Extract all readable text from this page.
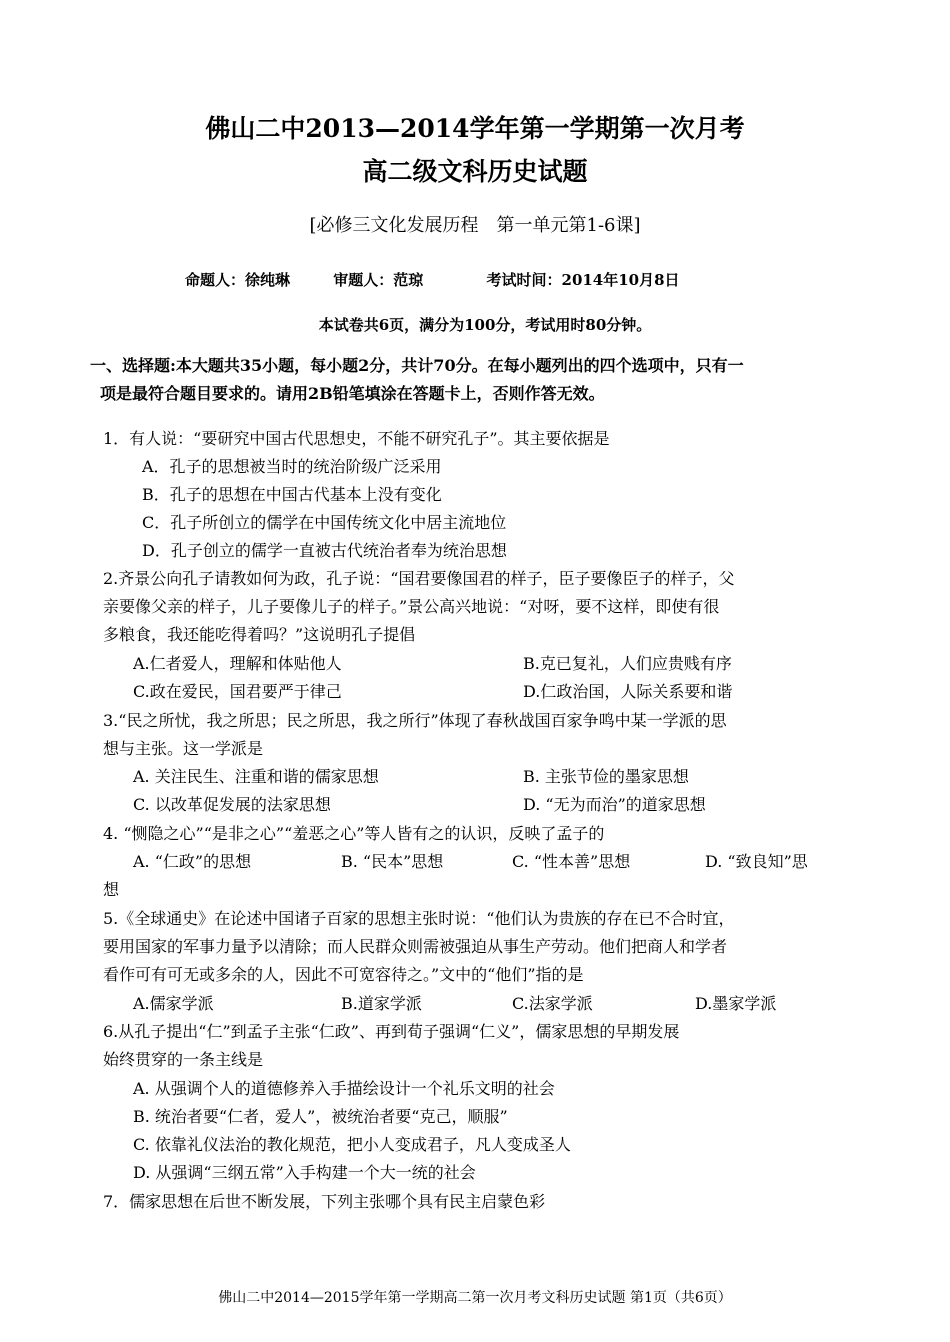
佛山二中2013—2014学年第一学期第一次月考
高二级文科历史试题
[必修三文化发展历程　第一单元第1-6课]
命题人：徐纯琳	审题人：范琼	考试时间：2014年10月8日
本试卷共6页，满分为100分，考试用时80分钟。
一、选择题:本大题共35小题，每小题2分，共计70分。在每小题列出的四个选项中，只有一
项是最符合题目要求的。请用2B铅笔填涂在答题卡上，否则作答无效。
1．有人说：“要研究中国古代思想史，不能不研究孔子”。其主要依据是
A．孔子的思想被当时的统治阶级广泛采用
B．孔子的思想在中国古代基本上没有变化
C．孔子所创立的儒学在中国传统文化中居主流地位
D．孔子创立的儒学一直被古代统治者奉为统治思想
2.齐景公向孔子请教如何为政，孔子说：“国君要像国君的样子，臣子要像臣子的样子，父
亲要像父亲的样子，儿子要像儿子的样子。”景公高兴地说：“对呀，要不这样，即使有很
多粮食，我还能吃得着吗？”这说明孔子提倡
A.仁者爱人，理解和体贴他人	B.克已复礼，人们应贵贱有序
C.政在爱民，国君要严于律己	D.仁政治国，人际关系要和谐
3.“民之所忧，我之所思；民之所思，我之所行”体现了春秋战国百家争鸣中某一学派的思
想与主张。这一学派是
A. 关注民生、注重和谐的儒家思想	B. 主张节俭的墨家思想
C. 以改革促发展的法家思想	D. “无为而治”的道家思想
4. “恻隐之心”“是非之心”“羞恶之心”等人皆有之的认识，反映了孟子的
A. “仁政”的思想	B. “民本”思想	C. “性本善”思想	D. “致良知”思
想
5.《全球通史》在论述中国诸子百家的思想主张时说：“他们认为贵族的存在已不合时宜，
要用国家的军事力量予以清除；而人民群众则需被强迫从事生产劳动。他们把商人和学者
看作可有可无或多余的人，因此不可宽容待之。”文中的“他们”指的是
A.儒家学派	B.道家学派	C.法家学派	D.墨家学派
6.从孔子提出“仁”到孟子主张“仁政”、再到荀子强调“仁义”，儒家思想的早期发展
始终贯穿的一条主线是
A. 从强调个人的道德修养入手描绘设计一个礼乐文明的社会
B. 统治者要“仁者，爱人”，被统治者要“克己，顺服”
C. 依靠礼仪法治的教化规范，把小人变成君子，凡人变成圣人
D. 从强调“三纲五常”入手构建一个大一统的社会
7．儒家思想在后世不断发展，下列主张哪个具有民主启蒙色彩
佛山二中2014—2015学年第一学期高二第一次月考文科历史试题 第1页（共6页）
